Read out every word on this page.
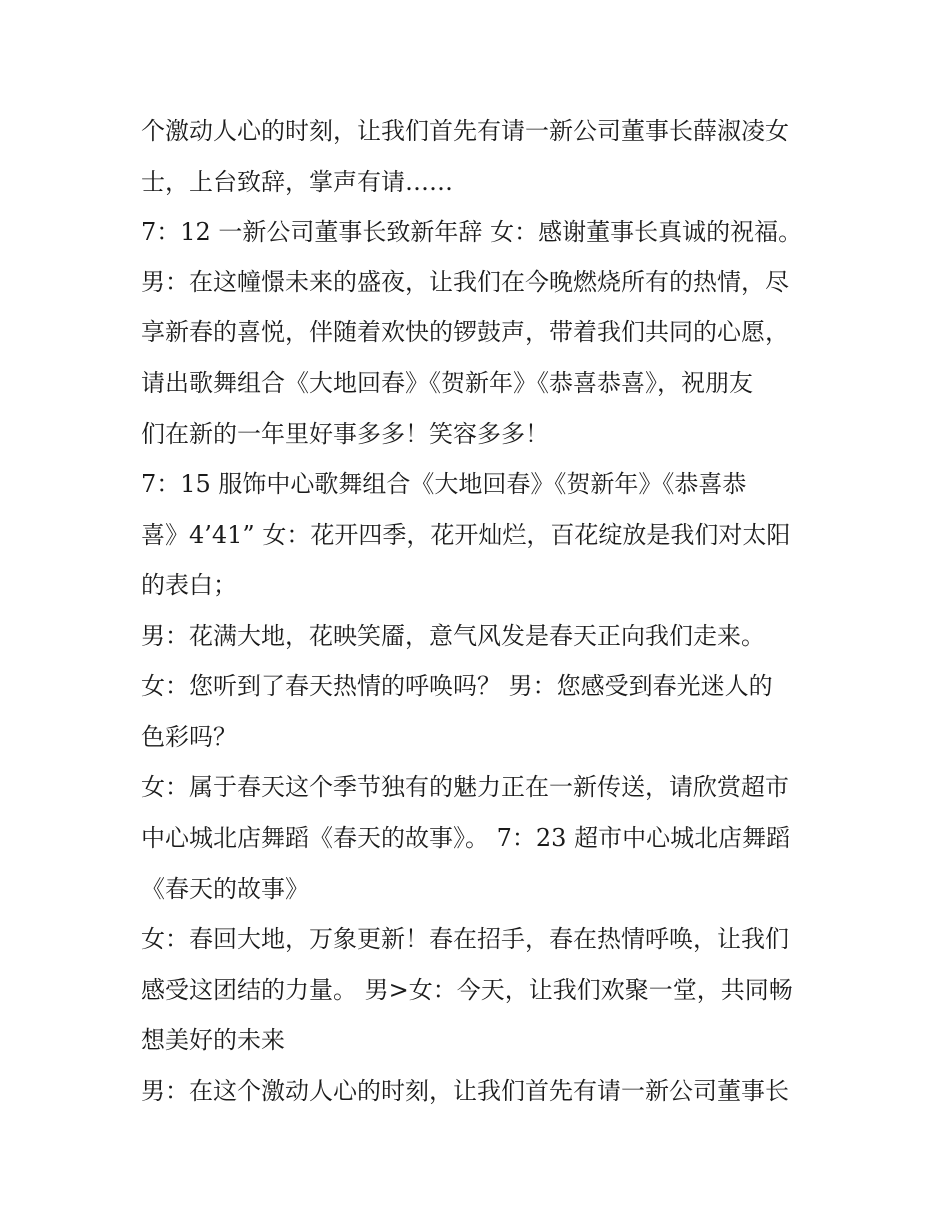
个激动人心的时刻，让我们首先有请一新公司董事长薛淑凌女
士，上台致辞，掌声有请……
7：12 一新公司董事长致新年辞 女：感谢董事长真诚的祝福。
男：在这幢憬未来的盛夜，让我们在今晚燃烧所有的热情，尽
享新春的喜悦，伴随着欢快的锣鼓声，带着我们共同的心愿，
请出歌舞组合《大地回春》《贺新年》《恭喜恭喜》，祝朋友
们在新的一年里好事多多！笑容多多！
7：15 服饰中心歌舞组合《大地回春》《贺新年》《恭喜恭
喜》4’41” 女：花开四季，花开灿烂，百花绽放是我们对太阳
的表白；
男：花满大地，花映笑靥，意气风发是春天正向我们走来。
女：您听到了春天热情的呼唤吗？ 男：您感受到春光迷人的
色彩吗？
女：属于春天这个季节独有的魅力正在一新传送，请欣赏超市
中心城北店舞蹈《春天的故事》。 7：23 超市中心城北店舞蹈
《春天的故事》
女：春回大地，万象更新！春在招手，春在热情呼唤，让我们
感受这团结的力量。 男>女：今天，让我们欢聚一堂，共同畅
想美好的未来
男：在这个激动人心的时刻，让我们首先有请一新公司董事长
